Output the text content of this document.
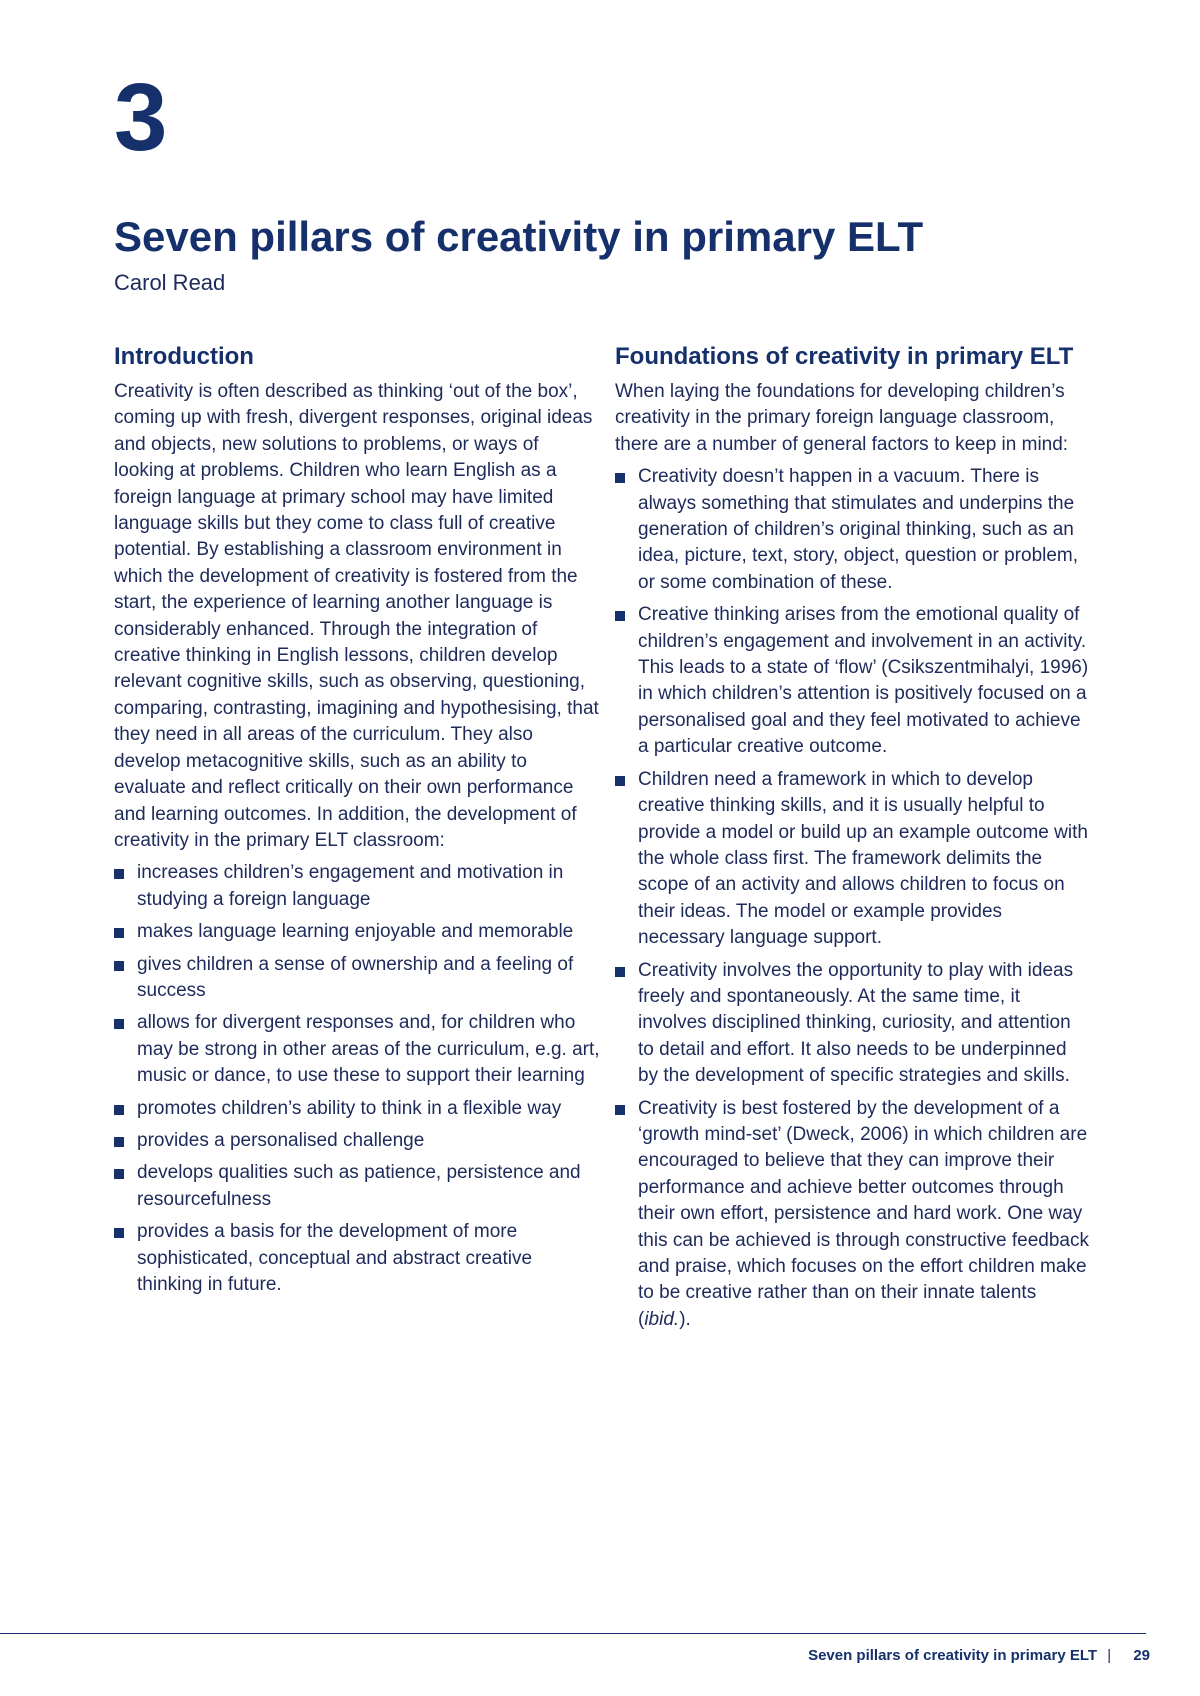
3
Seven pillars of creativity in primary ELT
Carol Read
Introduction

Creativity is often described as thinking ‘out of the box’, coming up with fresh, divergent responses, original ideas and objects, new solutions to problems, or ways of looking at problems. Children who learn English as a foreign language at primary school may have limited language skills but they come to class full of creative potential. By establishing a classroom environment in which the development of creativity is fostered from the start, the experience of learning another language is considerably enhanced. Through the integration of creative thinking in English lessons, children develop relevant cognitive skills, such as observing, questioning, comparing, contrasting, imagining and hypothesising, that they need in all areas of the curriculum. They also develop metacognitive skills, such as an ability to evaluate and reflect critically on their own performance and learning outcomes. In addition, the development of creativity in the primary ELT classroom:

increases children’s engagement and motivation in studying a foreign language
makes language learning enjoyable and memorable
gives children a sense of ownership and a feeling of success
allows for divergent responses and, for children who may be strong in other areas of the curriculum, e.g. art, music or dance, to use these to support their learning
promotes children’s ability to think in a flexible way
provides a personalised challenge
develops qualities such as patience, persistence and resourcefulness
provides a basis for the development of more sophisticated, conceptual and abstract creative thinking in future.
Foundations of creativity in primary ELT

When laying the foundations for developing children’s creativity in the primary foreign language classroom, there are a number of general factors to keep in mind:

Creativity doesn’t happen in a vacuum. There is always something that stimulates and underpins the generation of children’s original thinking, such as an idea, picture, text, story, object, question or problem, or some combination of these.
Creative thinking arises from the emotional quality of children’s engagement and involvement in an activity. This leads to a state of ‘flow’ (Csikszentmihalyi, 1996) in which children’s attention is positively focused on a personalised goal and they feel motivated to achieve a particular creative outcome.
Children need a framework in which to develop creative thinking skills, and it is usually helpful to provide a model or build up an example outcome with the whole class first. The framework delimits the scope of an activity and allows children to focus on their ideas. The model or example provides necessary language support.
Creativity involves the opportunity to play with ideas freely and spontaneously. At the same time, it involves disciplined thinking, curiosity, and attention to detail and effort. It also needs to be underpinned by the development of specific strategies and skills.
Creativity is best fostered by the development of a ‘growth mind-set’ (Dweck, 2006) in which children are encouraged to believe that they can improve their performance and achieve better outcomes through their own effort, persistence and hard work. One way this can be achieved is through constructive feedback and praise, which focuses on the effort children make to be creative rather than on their innate talents (ibid.).
Seven pillars of creativity in primary ELT | 29
